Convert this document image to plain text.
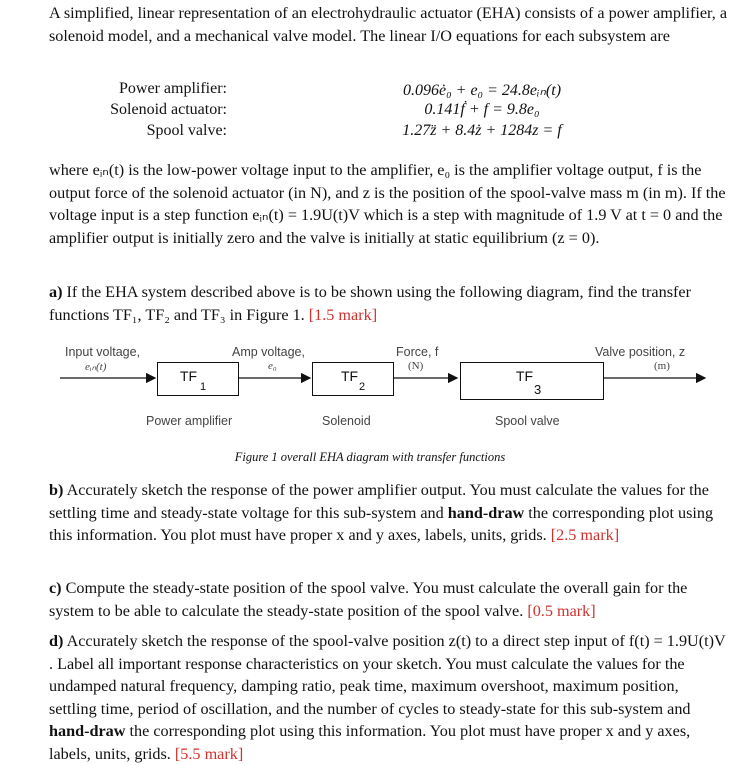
A simplified, linear representation of an electrohydraulic actuator (EHA) consists of a power amplifier, a solenoid model, and a mechanical valve model. The linear I/O equations for each subsystem are
Power amplifier:
Solenoid actuator:
Spool valve:
0.096ė₀ + e₀ = 24.8eᵢₙ(t)
0.141ḟ + f = 9.8e₀
1.27z̈ + 8.4ż + 1284z = f
where eᵢₙ(t) is the low-power voltage input to the amplifier, e₀ is the amplifier voltage output, f is the output force of the solenoid actuator (in N), and z is the position of the spool-valve mass m (in m). If the voltage input is a step function eᵢₙ(t) = 1.9U(t)V which is a step with magnitude of 1.9 V at t = 0 and the amplifier output is initially zero and the valve is initially at static equilibrium (z = 0).
a) If the EHA system described above is to be shown using the following diagram, find the transfer functions TF₁, TF₂ and TF₃ in Figure 1. [1.5 mark]
Input voltage,
eᵢₙ(t)
Amp voltage,
e₀
Force, f
(N)
Valve position, z
(m)
TF
1
TF
2
TF
3
Power amplifier	Solenoid	Spool valve
Figure 1 overall EHA diagram with transfer functions
b) Accurately sketch the response of the power amplifier output. You must calculate the values for the settling time and steady-state voltage for this sub-system and hand-draw the corresponding plot using this information. You plot must have proper x and y axes, labels, units, grids. [2.5 mark]
c) Compute the steady-state position of the spool valve. You must calculate the overall gain for the system to be able to calculate the steady-state position of the spool valve. [0.5 mark]
d) Accurately sketch the response of the spool-valve position z(t) to a direct step input of f(t) = 1.9U(t)V . Label all important response characteristics on your sketch. You must calculate the values for the undamped natural frequency, damping ratio, peak time, maximum overshoot, maximum position, settling time, period of oscillation, and the number of cycles to steady-state for this sub-system and hand-draw the corresponding plot using this information. You plot must have proper x and y axes, labels, units, grids. [5.5 mark]
